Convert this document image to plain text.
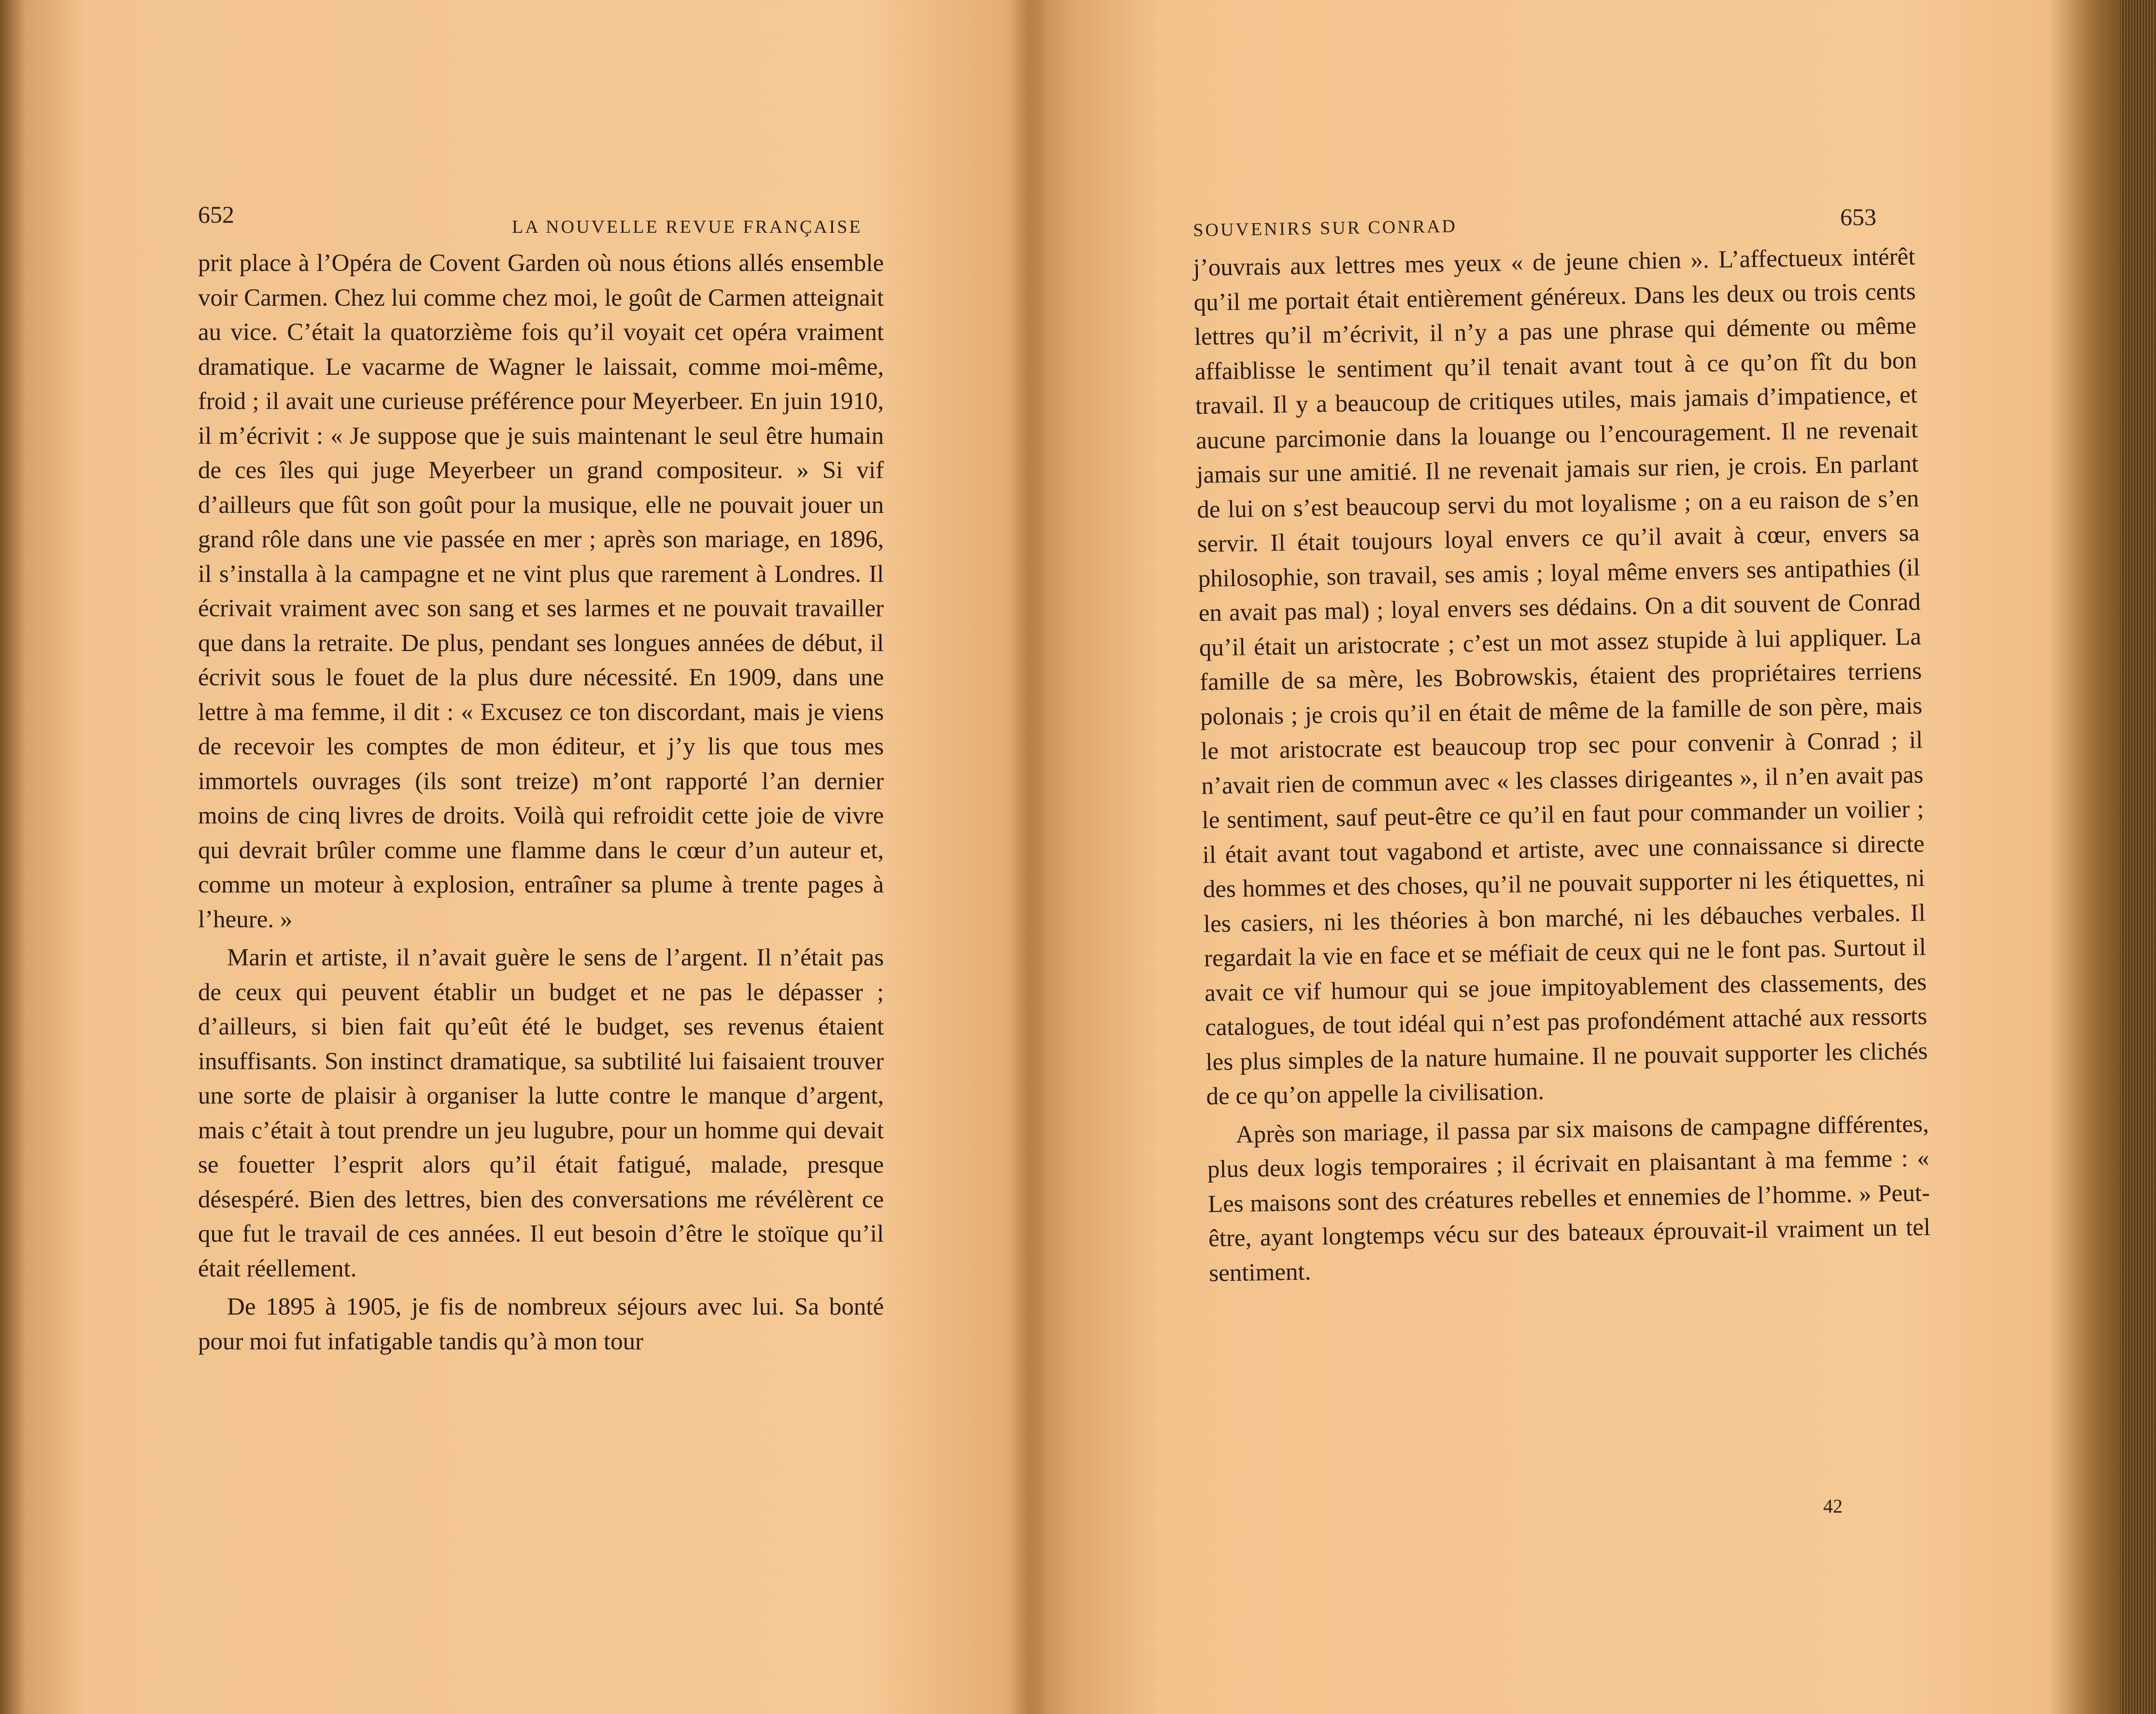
652	LA NOUVELLE REVUE FRANÇAISE

prit place à l’Opéra de Covent Garden où nous étions allés ensemble voir Carmen. Chez lui comme chez moi, le goût de Carmen atteignait au vice. C’était la quatorzième fois qu’il voyait cet opéra vraiment dramatique. Le vacarme de Wagner le laissait, comme moi-même, froid ; il avait une curieuse préférence pour Meyerbeer. En juin 1910, il m’écrivit : « Je suppose que je suis maintenant le seul être humain de ces îles qui juge Meyerbeer un grand compositeur. » Si vif d’ailleurs que fût son goût pour la musique, elle ne pouvait jouer un grand rôle dans une vie passée en mer ; après son mariage, en 1896, il s’installa à la campagne et ne vint plus que rarement à Londres. Il écrivait vraiment avec son sang et ses larmes et ne pouvait travailler que dans la retraite. De plus, pendant ses longues années de début, il écrivit sous le fouet de la plus dure nécessité. En 1909, dans une lettre à ma femme, il dit : « Excusez ce ton discordant, mais je viens de recevoir les comptes de mon éditeur, et j’y lis que tous mes immortels ouvrages (ils sont treize) m’ont rapporté l’an dernier moins de cinq livres de droits. Voilà qui refroidit cette joie de vivre qui devrait brûler comme une flamme dans le cœur d’un auteur et, comme un moteur à explosion, entraîner sa plume à trente pages à l’heure. »

Marin et artiste, il n’avait guère le sens de l’argent. Il n’était pas de ceux qui peuvent établir un budget et ne pas le dépasser ; d’ailleurs, si bien fait qu’eût été le budget, ses revenus étaient insuffisants. Son instinct dramatique, sa subtilité lui faisaient trouver une sorte de plaisir à organiser la lutte contre le manque d’argent, mais c’était à tout prendre un jeu lugubre, pour un homme qui devait se fouetter l’esprit alors qu’il était fatigué, malade, presque désespéré. Bien des lettres, bien des conversations me révélèrent ce que fut le travail de ces années. Il eut besoin d’être le stoïque qu’il était réellement.

De 1895 à 1905, je fis de nombreux séjours avec lui. Sa bonté pour moi fut infatigable tandis qu’à mon tour

SOUVENIRS SUR CONRAD	653

j’ouvrais aux lettres mes yeux « de jeune chien ». L’affectueux intérêt qu’il me portait était entièrement généreux. Dans les deux ou trois cents lettres qu’il m’écrivit, il n’y a pas une phrase qui démente ou même affaiblisse le sentiment qu’il tenait avant tout à ce qu’on fît du bon travail. Il y a beaucoup de critiques utiles, mais jamais d’impatience, et aucune parcimonie dans la louange ou l’encouragement. Il ne revenait jamais sur une amitié. Il ne revenait jamais sur rien, je crois. En parlant de lui on s’est beaucoup servi du mot loyalisme ; on a eu raison de s’en servir. Il était toujours loyal envers ce qu’il avait à cœur, envers sa philosophie, son travail, ses amis ; loyal même envers ses antipathies (il en avait pas mal) ; loyal envers ses dédains. On a dit souvent de Conrad qu’il était un aristocrate ; c’est un mot assez stupide à lui appliquer. La famille de sa mère, les Bobrowskis, étaient des propriétaires terriens polonais ; je crois qu’il en était de même de la famille de son père, mais le mot aristocrate est beaucoup trop sec pour convenir à Conrad ; il n’avait rien de commun avec « les classes dirigeantes », il n’en avait pas le sentiment, sauf peut-être ce qu’il en faut pour commander un voilier ; il était avant tout vagabond et artiste, avec une connaissance si directe des hommes et des choses, qu’il ne pouvait supporter ni les étiquettes, ni les casiers, ni les théories à bon marché, ni les débauches verbales. Il regardait la vie en face et se méfiait de ceux qui ne le font pas. Surtout il avait ce vif humour qui se joue impitoyablement des classements, des catalogues, de tout idéal qui n’est pas profondément attaché aux ressorts les plus simples de la nature humaine. Il ne pouvait supporter les clichés de ce qu’on appelle la civilisation.

Après son mariage, il passa par six maisons de campagne différentes, plus deux logis temporaires ; il écrivait en plaisantant à ma femme : « Les maisons sont des créatures rebelles et ennemies de l’homme. » Peut-être, ayant longtemps vécu sur des bateaux éprouvait-il vraiment un tel sentiment.

42
